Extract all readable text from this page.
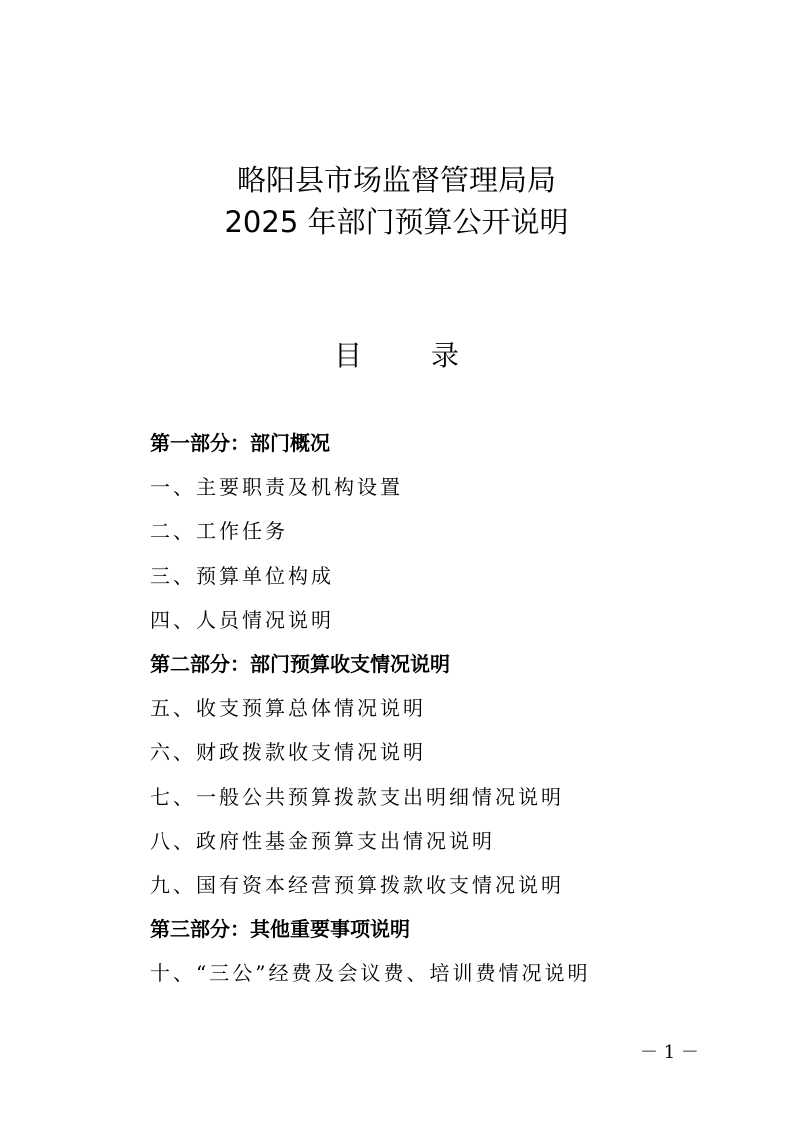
略阳县市场监督管理局局
2025 年部门预算公开说明
目 录
第一部分：部门概况
一、主要职责及机构设置
二、工作任务
三、预算单位构成
四、人员情况说明
第二部分：部门预算收支情况说明
五、收支预算总体情况说明
六、财政拨款收支情况说明
七、一般公共预算拨款支出明细情况说明
八、政府性基金预算支出情况说明
九、国有资本经营预算拨款收支情况说明
第三部分：其他重要事项说明
十、“三公”经费及会议费、培训费情况说明
－ 1 －
